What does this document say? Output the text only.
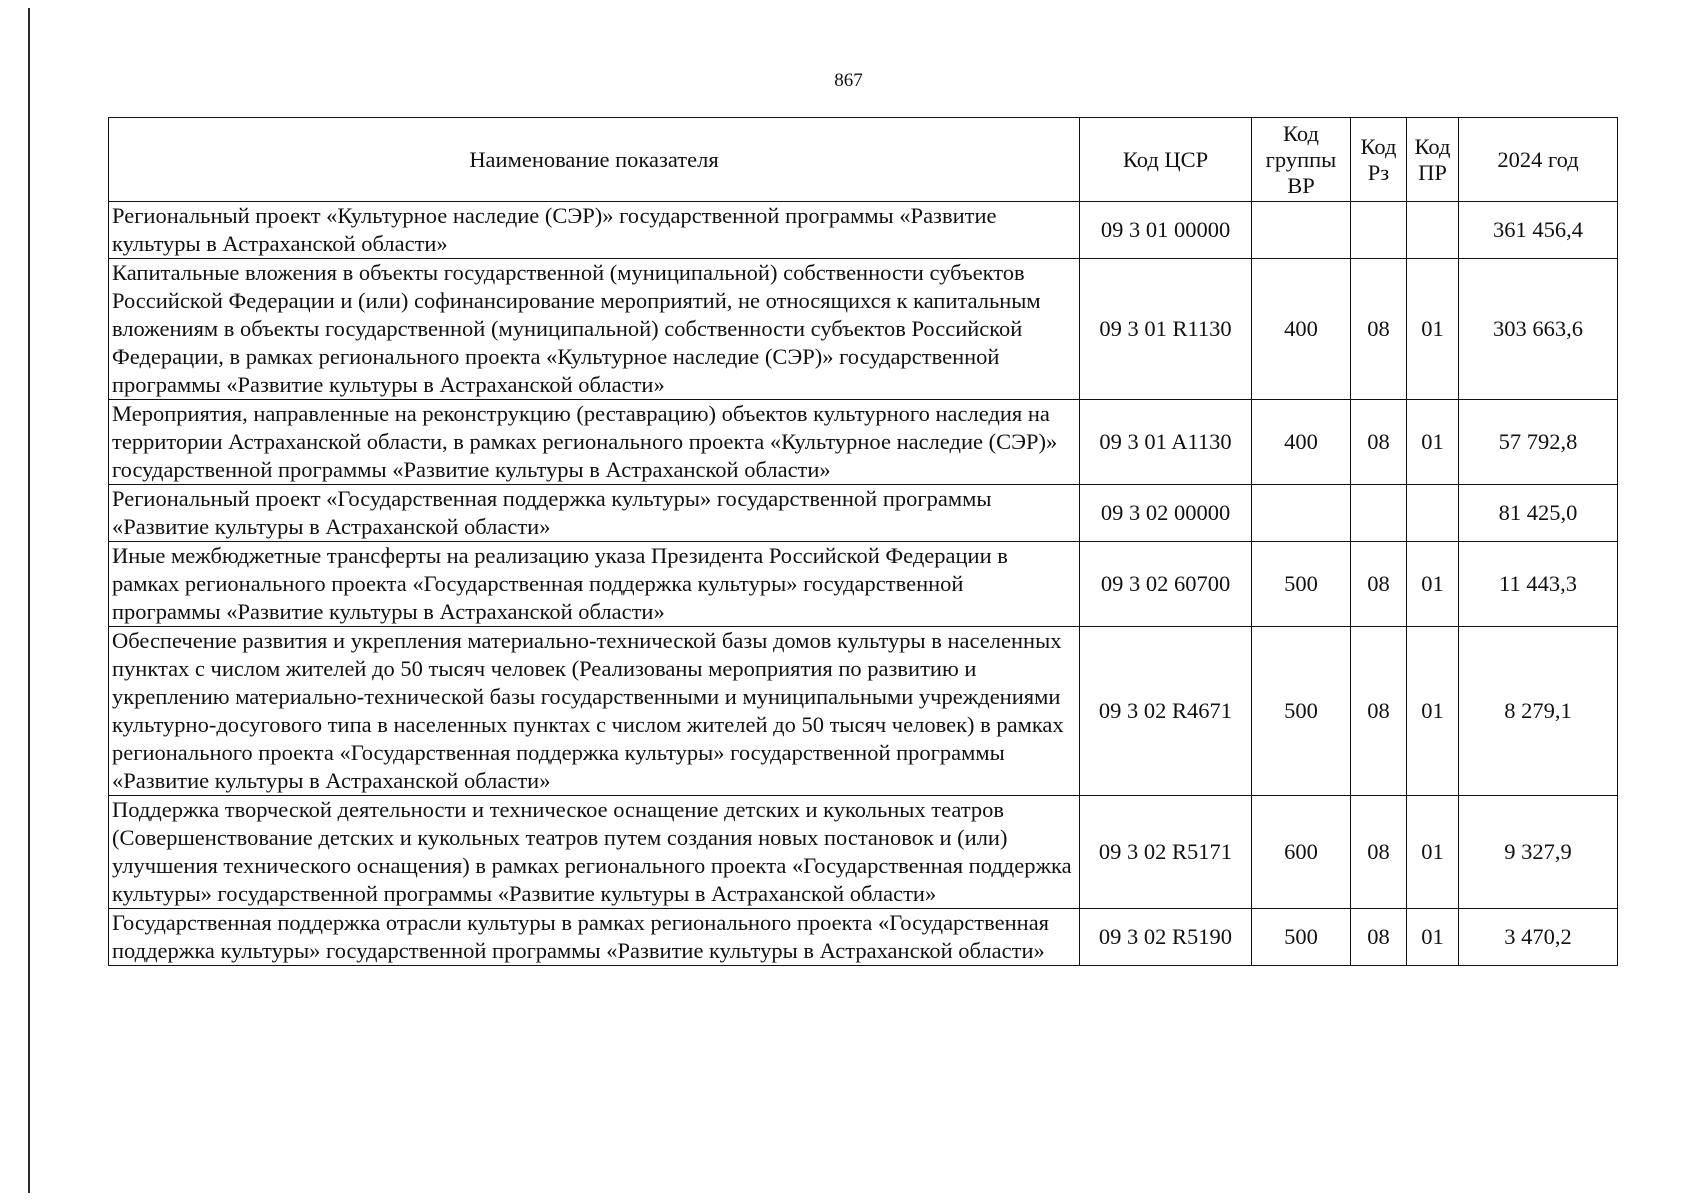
867
Наименование показателя	Код ЦСР	Код группы ВР	Код Рз	Код ПР	2024 год
Региональный проект «Культурное наследие (СЭР)» государственной программы «Развитие культуры в Астраханской области»	09 3 01 00000				361 456,4
Капитальные вложения в объекты государственной (муниципальной) собственности субъектов Российской Федерации и (или) софинансирование мероприятий, не относящихся к капитальным вложениям в объекты государственной (муниципальной) собственности субъектов Российской Федерации, в рамках регионального проекта «Культурное наследие (СЭР)» государственной программы «Развитие культуры в Астраханской области»	09 3 01 R1130	400	08	01	303 663,6
Мероприятия, направленные на реконструкцию (реставрацию) объектов культурного наследия на территории Астраханской области, в рамках регионального проекта «Культурное наследие (СЭР)» государственной программы «Развитие культуры в Астраханской области»	09 3 01 A1130	400	08	01	57 792,8
Региональный проект «Государственная поддержка культуры» государственной программы «Развитие культуры в Астраханской области»	09 3 02 00000				81 425,0
Иные межбюджетные трансферты на реализацию указа Президента Российской Федерации в рамках регионального проекта «Государственная поддержка культуры» государственной программы «Развитие культуры в Астраханской области»	09 3 02 60700	500	08	01	11 443,3
Обеспечение развития и укрепления материально-технической базы домов культуры в населенных пунктах с числом жителей до 50 тысяч человек (Реализованы мероприятия по развитию и укреплению материально-технической базы государственными и муниципальными учреждениями культурно-досугового типа в населенных пунктах с числом жителей до 50 тысяч человек) в рамках регионального проекта «Государственная поддержка культуры» государственной программы «Развитие культуры в Астраханской области»	09 3 02 R4671	500	08	01	8 279,1
Поддержка творческой деятельности и техническое оснащение детских и кукольных театров (Совершенствование детских и кукольных театров путем создания новых постановок и (или) улучшения технического оснащения) в рамках регионального проекта «Государственная поддержка культуры» государственной программы «Развитие культуры в Астраханской области»	09 3 02 R5171	600	08	01	9 327,9
Государственная поддержка отрасли культуры в рамках регионального проекта «Государственная поддержка культуры» государственной программы «Развитие культуры в Астраханской области»	09 3 02 R5190	500	08	01	3 470,2
